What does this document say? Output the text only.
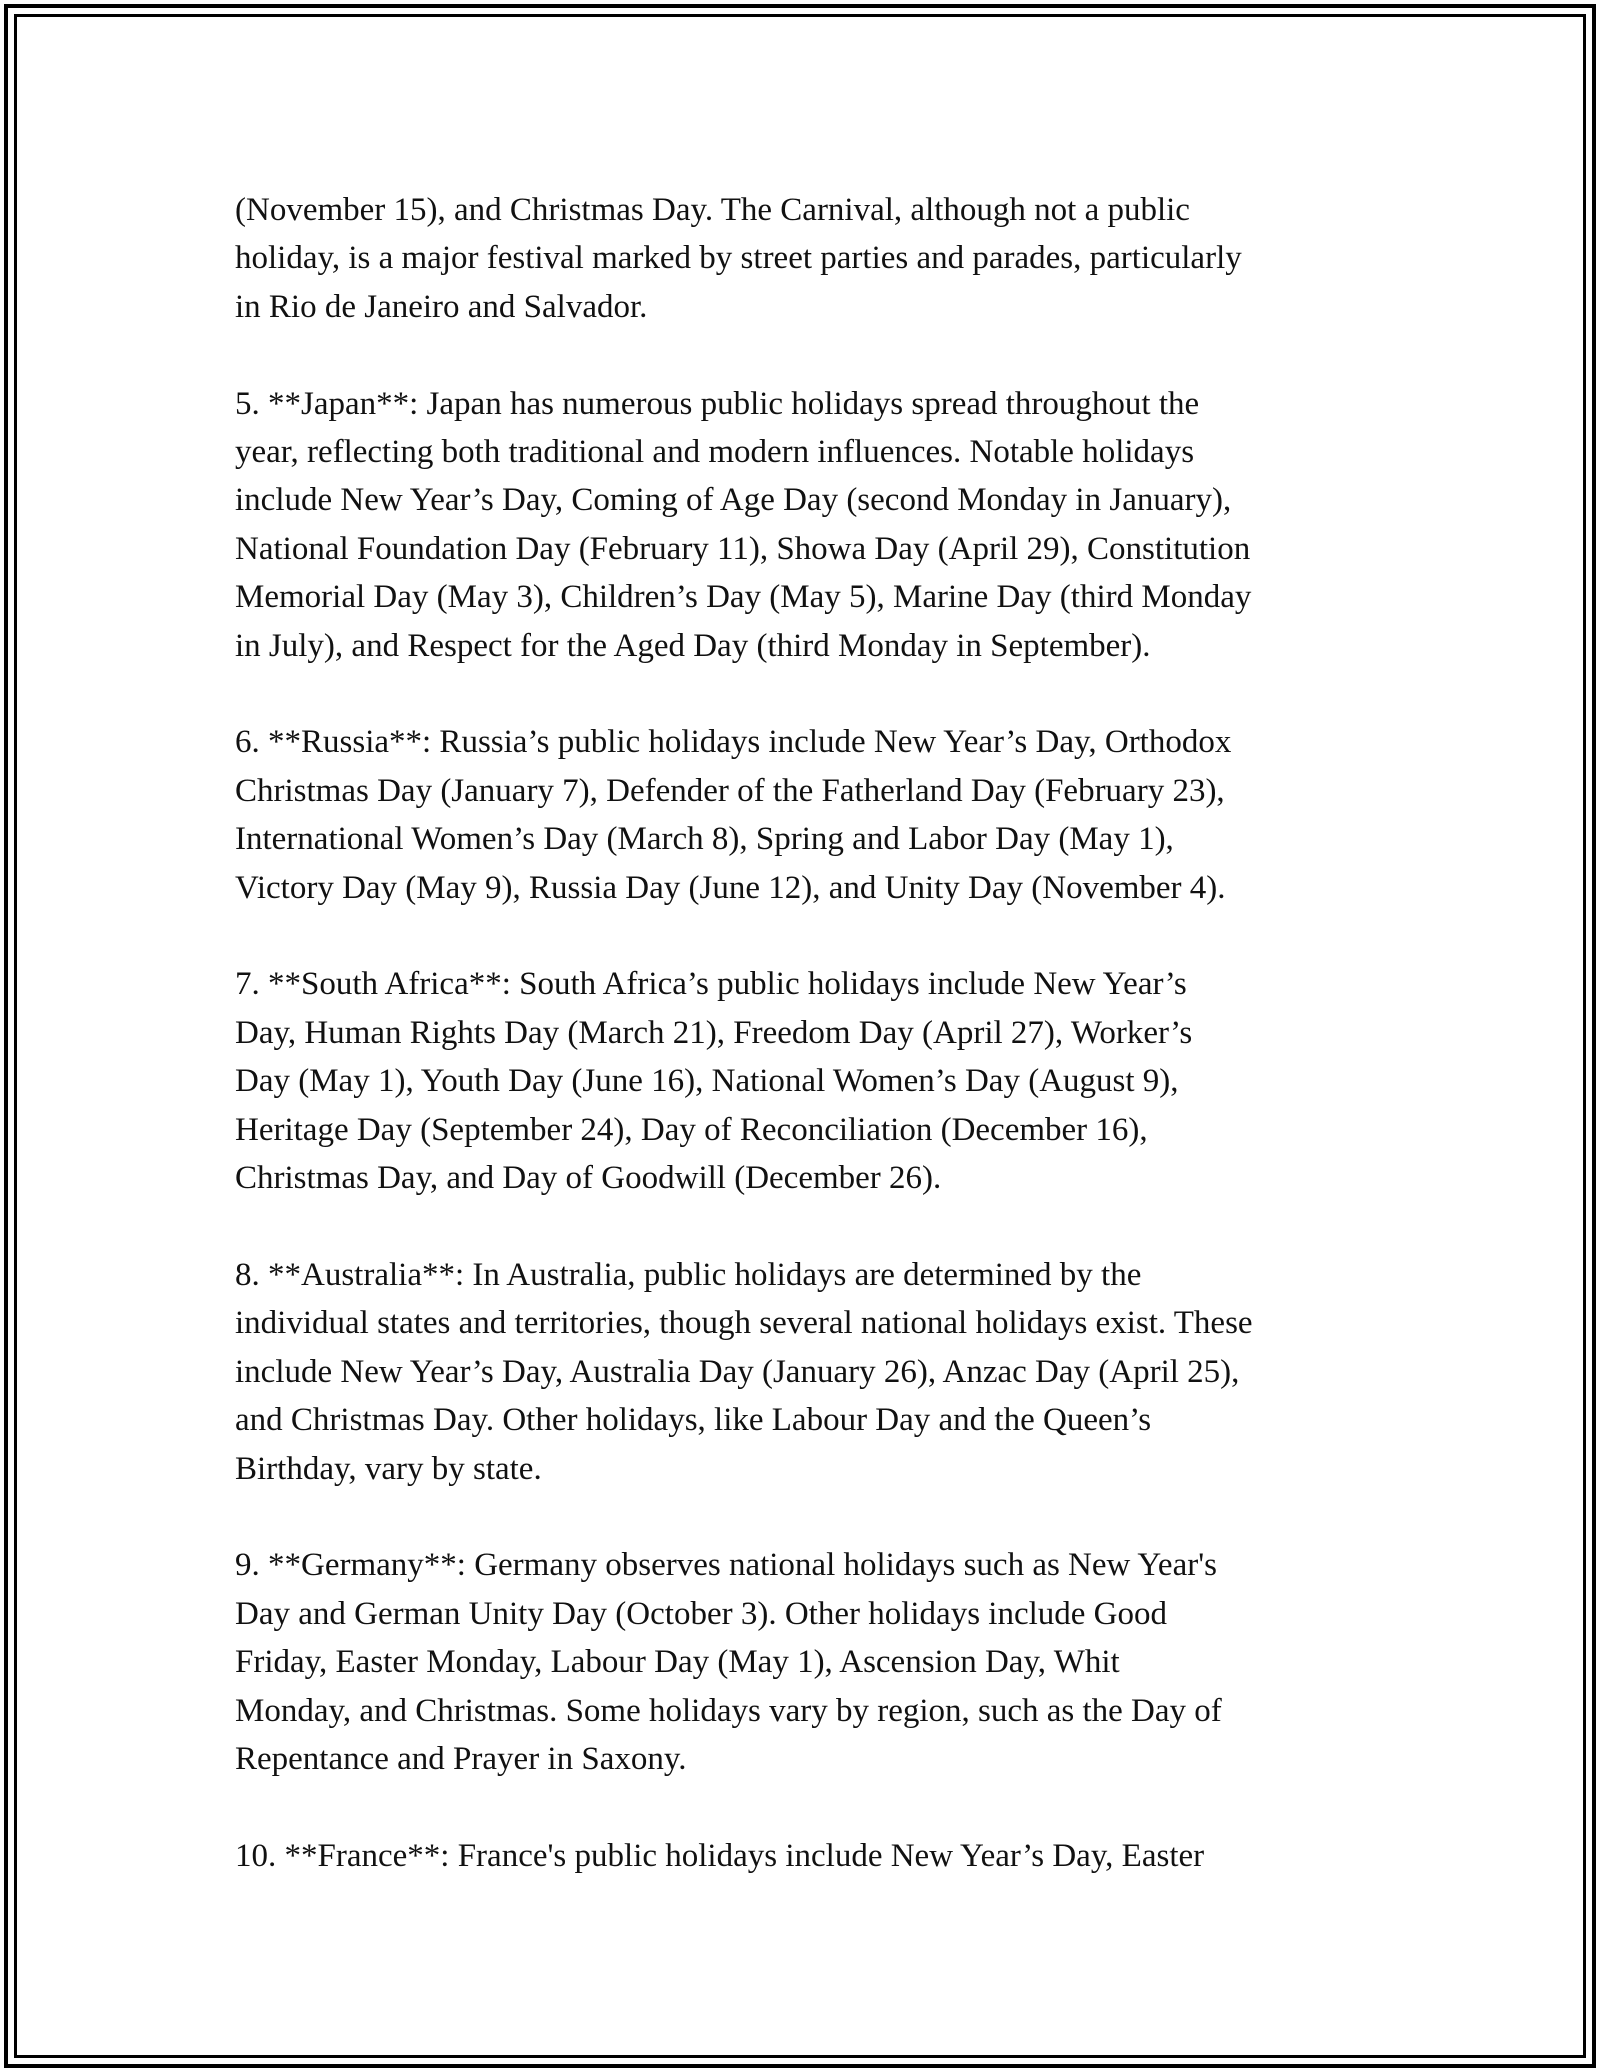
(November 15), and Christmas Day. The Carnival, although not a public
holiday, is a major festival marked by street parties and parades, particularly
in Rio de Janeiro and Salvador.
5. **Japan**: Japan has numerous public holidays spread throughout the
year, reflecting both traditional and modern influences. Notable holidays
include New Year’s Day, Coming of Age Day (second Monday in January),
National Foundation Day (February 11), Showa Day (April 29), Constitution
Memorial Day (May 3), Children’s Day (May 5), Marine Day (third Monday
in July), and Respect for the Aged Day (third Monday in September).
6. **Russia**: Russia’s public holidays include New Year’s Day, Orthodox
Christmas Day (January 7), Defender of the Fatherland Day (February 23),
International Women’s Day (March 8), Spring and Labor Day (May 1),
Victory Day (May 9), Russia Day (June 12), and Unity Day (November 4).
7. **South Africa**: South Africa’s public holidays include New Year’s
Day, Human Rights Day (March 21), Freedom Day (April 27), Worker’s
Day (May 1), Youth Day (June 16), National Women’s Day (August 9),
Heritage Day (September 24), Day of Reconciliation (December 16),
Christmas Day, and Day of Goodwill (December 26).
8. **Australia**: In Australia, public holidays are determined by the
individual states and territories, though several national holidays exist. These
include New Year’s Day, Australia Day (January 26), Anzac Day (April 25),
and Christmas Day. Other holidays, like Labour Day and the Queen’s
Birthday, vary by state.
9. **Germany**: Germany observes national holidays such as New Year's
Day and German Unity Day (October 3). Other holidays include Good
Friday, Easter Monday, Labour Day (May 1), Ascension Day, Whit
Monday, and Christmas. Some holidays vary by region, such as the Day of
Repentance and Prayer in Saxony.
10. **France**: France's public holidays include New Year’s Day, Easter
